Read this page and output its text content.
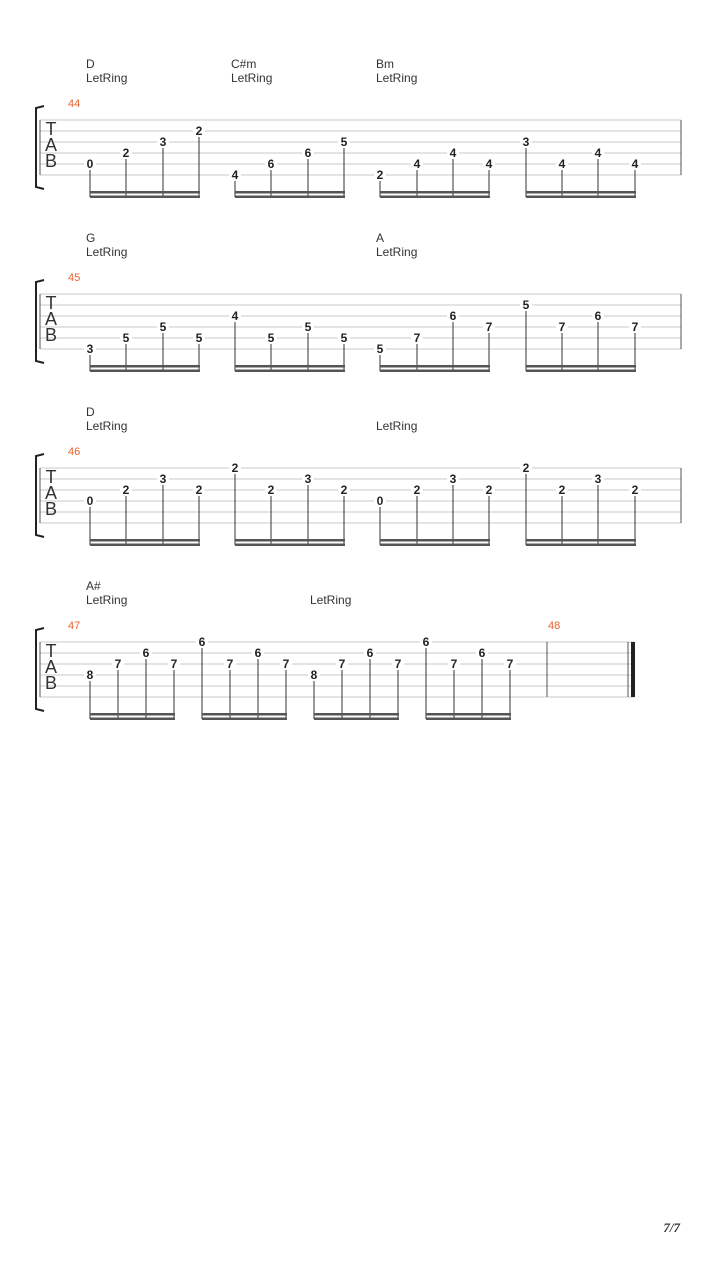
D
LetRing
C#m
LetRing
Bm
LetRing
T
A
B
44
0
2
3
2
4
6
6
5
2
4
4
4
3
4
4
4
G
LetRing
A
LetRing
T
A
B
45
3
5
5
5
4
5
5
5
5
7
6
7
5
7
6
7
D
LetRing	LetRing
T
A
B
46
0
2
3
2
2
2
3
2
0
2
3
2
2
2
3
2
A#
LetRing	LetRing
T
A
B
47	48
8
7
6
7
6
7
6
7
8
7
6
7
6
7
6
7
7/7
